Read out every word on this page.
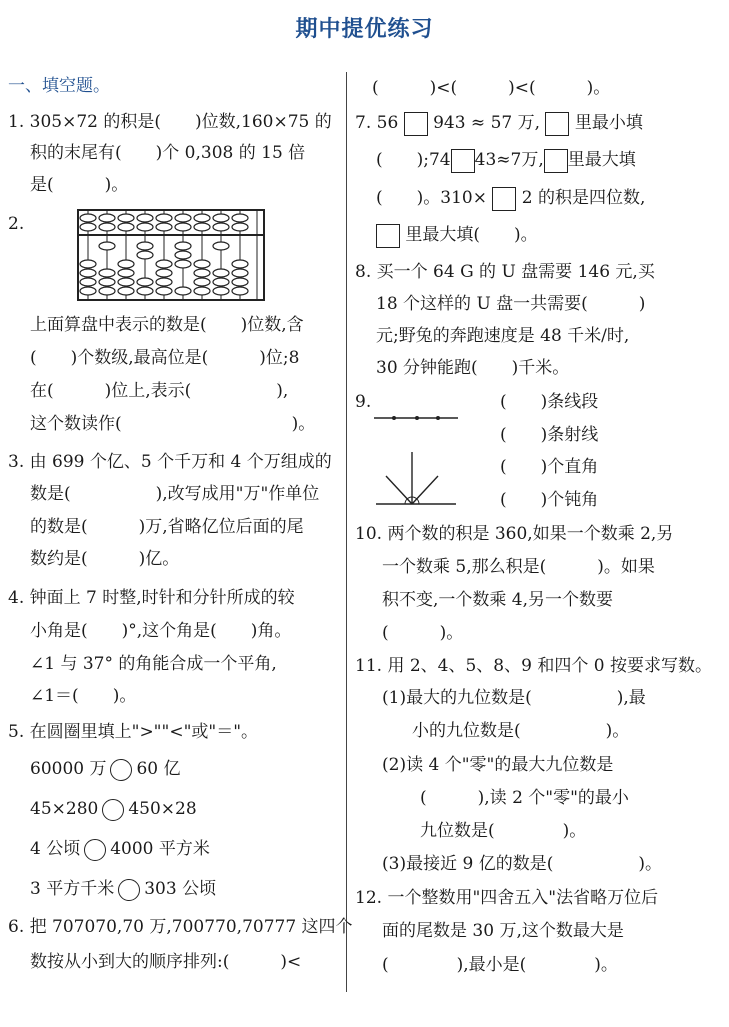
期中提优练习
一、填空题。
1. 305×72 的积是(　　)位数,160×75 的
积的末尾有(　　)个 0,308 的 15 倍
是(　　　)。
2.
上面算盘中表示的数是(　　)位数,含
(　　)个数级,最高位是(　　　)位;8
在(　　　)位上,表示(　　　　　),
这个数读作(　　　　　　　　　　)。
3. 由 699 个亿、5 个千万和 4 个万组成的
数是(　　　　　),改写成用"万"作单位
的数是(　　　)万,省略亿位后面的尾
数约是(　　　)亿。
4. 钟面上 7 时整,时针和分针所成的较
小角是(　　)°,这个角是(　　)角。
∠1 与 37° 的角能合成一个平角,
∠1＝(　　)。
5. 在圆圈里填上">""<"或"＝"。
60000 万 60 亿
45×280 450×28
4 公顷 4000 平方米
3 平方千米 303 公顷
6. 把 707070,70 万,700770,70777 这四个
数按从小到大的顺序排列:(　　　)<
(　　　)<(　　　)<(　　　)。
7. 56 943 ≈ 57 万, 里最小填
(　　);74 43≈7万, 里最大填
(　　)。310× 2 的积是四位数,
里最大填(　　)。
8. 买一个 64 G 的 U 盘需要 146 元,买
18 个这样的 U 盘一共需要(　　　)
元;野兔的奔跑速度是 48 千米/时,
30 分钟能跑(　　)千米。
9.	(　　)条线段
(　　)条射线
(　　)个直角
(　　)个钝角
10. 两个数的积是 360,如果一个数乘 2,另
一个数乘 5,那么积是(　　　)。如果
积不变,一个数乘 4,另一个数要
(　　　)。
11. 用 2、4、5、8、9 和四个 0 按要求写数。
(1)最大的九位数是(　　　　　),最
小的九位数是(　　　　　)。
(2)读 4 个"零"的最大九位数是
(　　　),读 2 个"零"的最小
九位数是(　　　　)。
(3)最接近 9 亿的数是(　　　　　)。
12. 一个整数用"四舍五入"法省略万位后
面的尾数是 30 万,这个数最大是
(　　　　),最小是(　　　　)。
